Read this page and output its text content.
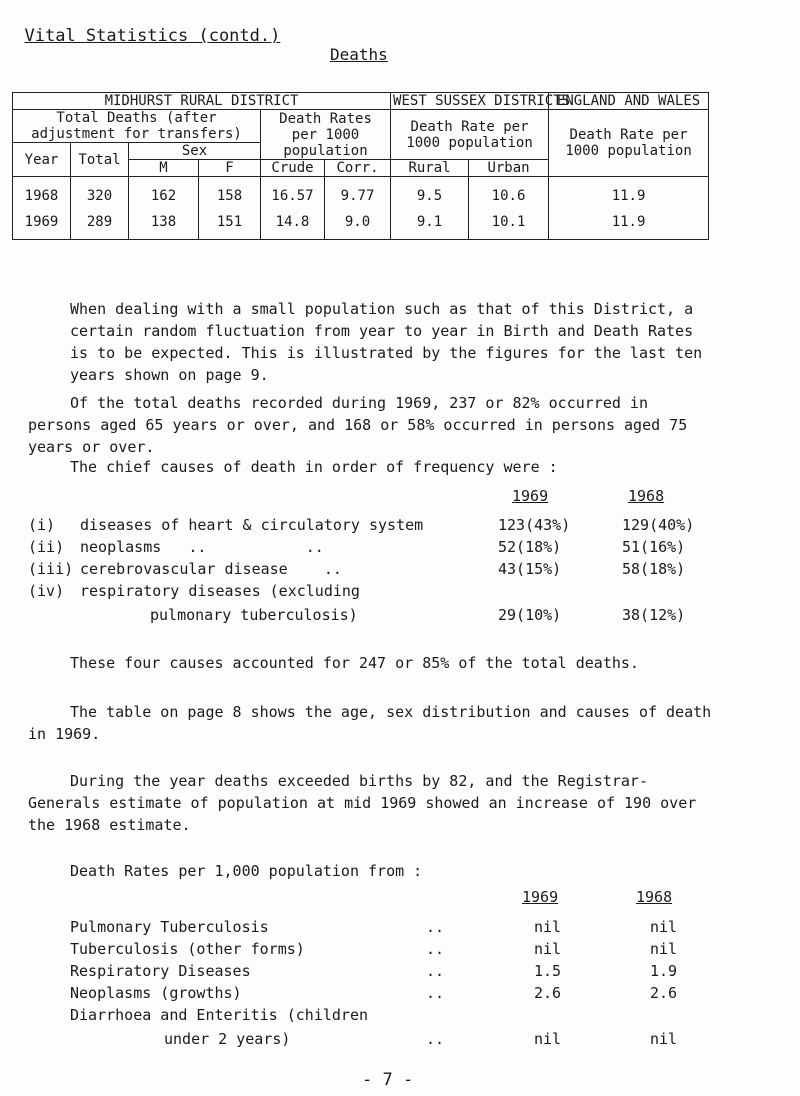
Vital Statistics (contd.)

Deaths
MIDHURST RURAL DISTRICT						WEST SUSSEX DISTRICTS		ENGLAND AND WALES
Total Deaths (after adjustment for transfers)				Death Rates per 1000 population		Death Rate per 1000 population		Death Rate per 1000 population
Year	Total	Sex						
		M	F	Crude	Corr.	Rural	Urban	
1968	320	162	158	16.57	9.77	9.5	10.6	11.9
1969	289	138	151	14.8	9.0	9.1	10.1	11.9
When dealing with a small population such as that of this District, a certain random fluctuation from year to year in Birth and Death Rates is to be expected. This is illustrated by the figures for the last ten years shown on page 9.
Of the total deaths recorded during 1969, 237 or 82% occurred in persons aged 65 years or over, and 168 or 58% occurred in persons aged 75 years or over.
The chief causes of death in order of frequency were :
1969	1968
(i) diseases of heart & circulatory system	123(43%)	129(40%)
(ii) neoplasms   ..           ..	52(18%)	51(16%)
(iii) cerebrovascular disease    ..	43(15%)	58(18%)
(iv) respiratory diseases (excluding
pulmonary tuberculosis)	29(10%)	38(12%)
These four causes accounted for 247 or 85% of the total deaths.
The table on page 8 shows the age, sex distribution and causes of death in 1969.
During the year deaths exceeded births by 82, and the Registrar-Generals estimate of population at mid 1969 showed an increase of 190 over the 1968 estimate.
Death Rates per 1,000 population from :
1969	1968
Pulmonary Tuberculosis	..	nil	nil
Tuberculosis (other forms)	..	nil	nil
Respiratory Diseases	..	1.5	1.9
Neoplasms (growths)	..	2.6	2.6
Diarrhoea and Enteritis (children
under 2 years)	..	nil	nil
- 7 -
